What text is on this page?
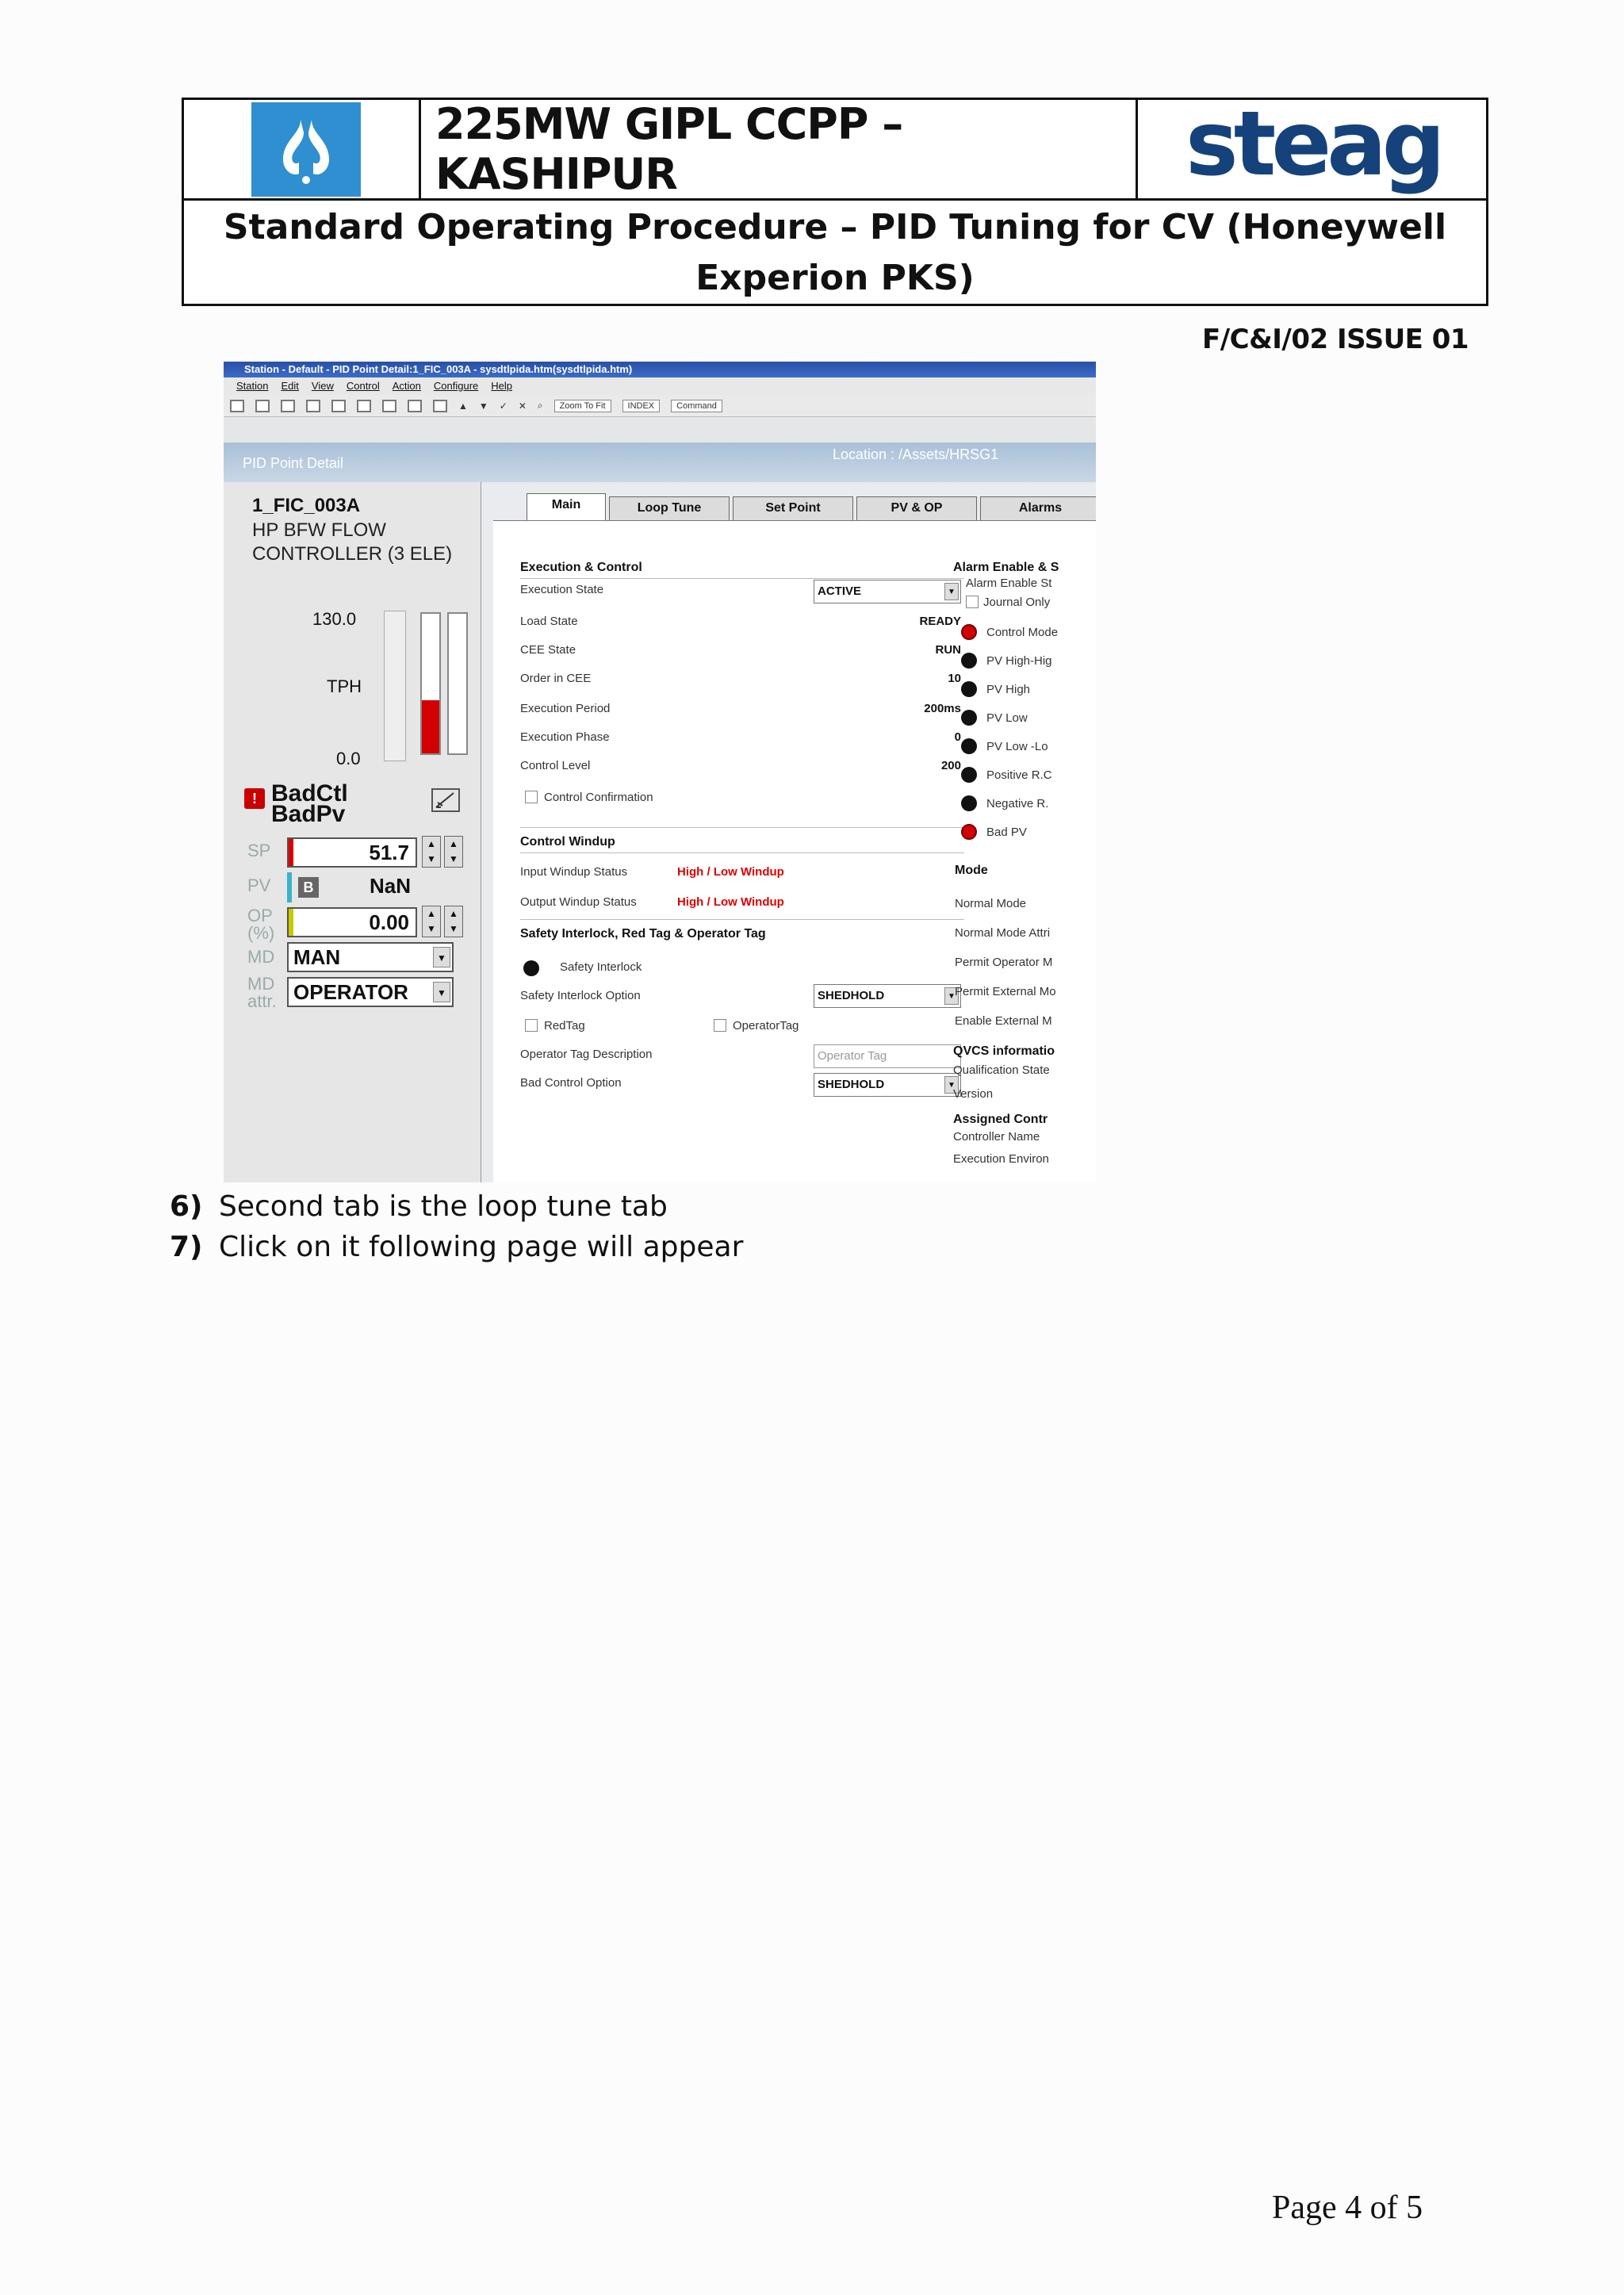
225MW GIPL CCPP – KASHIPUR	steag
Standard Operating Procedure – PID Tuning for CV (Honeywell Experion PKS)
F/C&I/02 ISSUE 01
Station - Default - PID Point Detail:1_FIC_003A - sysdtlpida.htm(sysdtlpida.htm)
Station Edit View Control Action Configure Help
▲ ▼ ✓ ✕ ⌕	Zoom To Fit	INDEX	Command
PID Point Detail
Location : /Assets/HRSG1
1_FIC_003A
HP BFW FLOW CONTROLLER (3 ELE)
130.0
TPH
0.0
! BadCtl
BadPv
SP	51.7	▲
▼
▲
▼
PV	B	NaN
OP
(%)	0.00	▲
▼
▲
▼
MD MAN	▼
MD
attr. OPERATOR	▼
Main	Loop Tune	Set Point	PV & OP	Alarms
Execution & Control
Execution State	ACTIVE	▼
Load State	READY
CEE State	RUN
Order in CEE	10
Execution Period	200ms
Execution Phase	0
Control Level	200
Control Confirmation
Control Windup
Input Windup Status	High / Low Windup
Output Windup Status	High / Low Windup
Safety Interlock, Red Tag & Operator Tag
Safety Interlock
Safety Interlock Option	SHEDHOLD	▼
RedTag	OperatorTag
Operator Tag Description	Operator Tag
Bad Control Option	SHEDHOLD	▼
Alarm Enable & S
Alarm Enable St
Journal Only
Mode
QVCS informatio
Qualification State
Version
Assigned Contr
Controller Name
Execution Environ
Control Mode
PV High-Hig
PV High
PV Low
PV Low -Lo
Positive R.C
Negative R.
Bad PV
Normal Mode
Normal Mode Attri
Permit Operator M
Permit External Mo
Enable External M
6) Second tab is the loop tune tab
7) Click on it following page will appear
Page 4 of 5
